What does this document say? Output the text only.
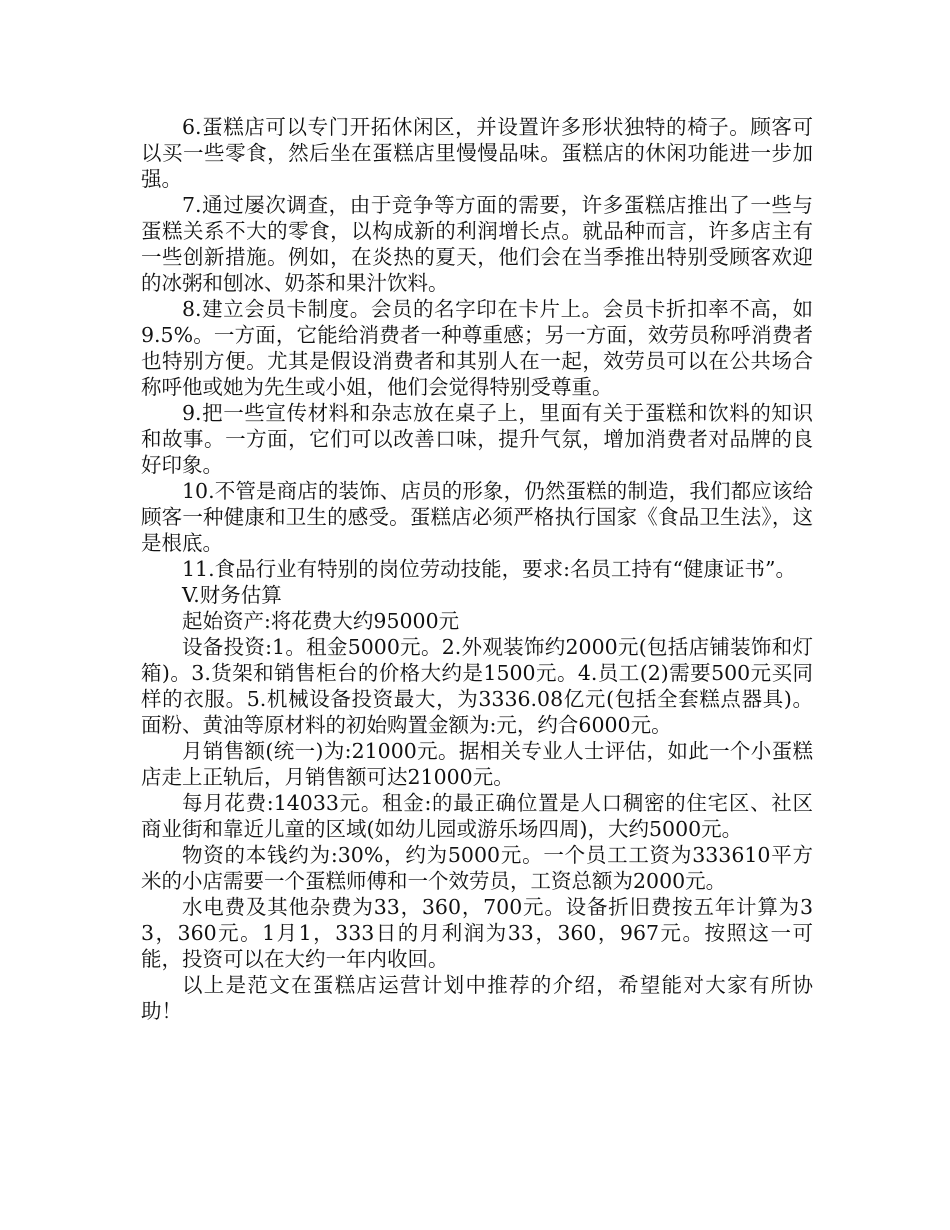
6.蛋糕店可以专门开拓休闲区，并设置许多形状独特的椅子。顾客可以买一些零食，然后坐在蛋糕店里慢慢品味。蛋糕店的休闲功能进一步加强。

7.通过屡次调查，由于竞争等方面的需要，许多蛋糕店推出了一些与蛋糕关系不大的零食，以构成新的利润增长点。就品种而言，许多店主有一些创新措施。例如，在炎热的夏天，他们会在当季推出特别受顾客欢迎的冰粥和刨冰、奶茶和果汁饮料。

8.建立会员卡制度。会员的名字印在卡片上。会员卡折扣率不高，如9.5%。一方面，它能给消费者一种尊重感；另一方面，效劳员称呼消费者也特别方便。尤其是假设消费者和其别人在一起，效劳员可以在公共场合称呼他或她为先生或小姐，他们会觉得特别受尊重。

9.把一些宣传材料和杂志放在桌子上，里面有关于蛋糕和饮料的知识和故事。一方面，它们可以改善口味，提升气氛，增加消费者对品牌的良好印象。

10.不管是商店的装饰、店员的形象，仍然蛋糕的制造，我们都应该给顾客一种健康和卫生的感受。蛋糕店必须严格执行国家《食品卫生法》，这是根底。

11.食品行业有特别的岗位劳动技能，要求:名员工持有“健康证书”。

V.财务估算

起始资产:将花费大约95000元

设备投资:1。租金5000元。2.外观装饰约2000元(包括店铺装饰和灯箱)。3.货架和销售柜台的价格大约是1500元。4.员工(2)需要500元买同样的衣服。5.机械设备投资最大，为3336.08亿元(包括全套糕点器具)。面粉、黄油等原材料的初始购置金额为:元，约合6000元。

月销售额(统一)为:21000元。据相关专业人士评估，如此一个小蛋糕店走上正轨后，月销售额可达21000元。

每月花费:14033元。租金:的最正确位置是人口稠密的住宅区、社区商业街和靠近儿童的区域(如幼儿园或游乐场四周)，大约5000元。

物资的本钱约为:30%，约为5000元。一个员工工资为333610平方米的小店需要一个蛋糕师傅和一个效劳员，工资总额为2000元。

水电费及其他杂费为33，360，700元。设备折旧费按五年计算为33，360元。1月1，333日的月利润为33，360，967元。按照这一可能，投资可以在大约一年内收回。

以上是范文在蛋糕店运营计划中推荐的介绍，希望能对大家有所协助！
